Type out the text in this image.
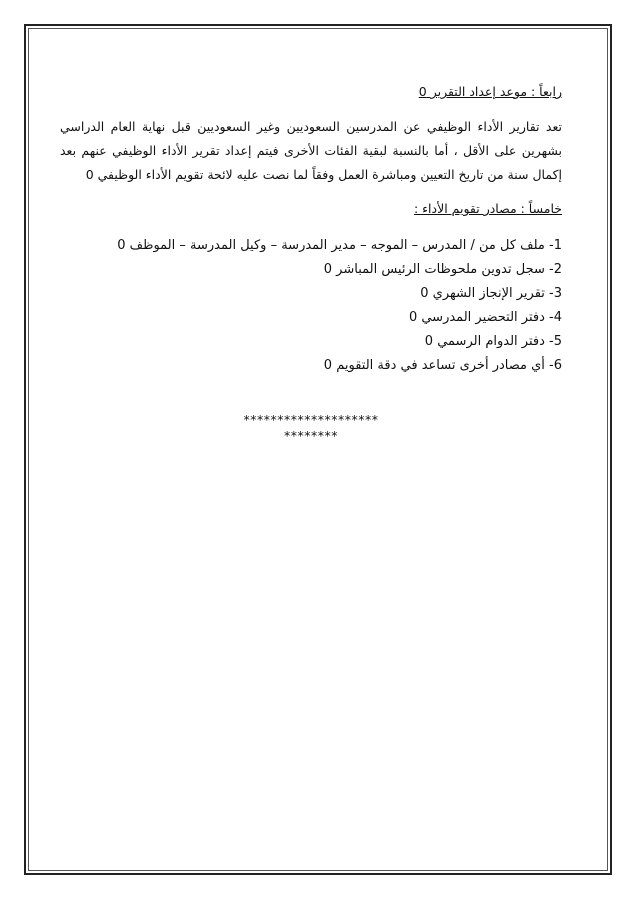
رابعاً : موعد إعداد التقرير 0

تعد تقارير الأداء الوظيفي عن المدرسين السعوديين وغير السعوديين قبل نهاية العام الدراسي بشهرين على الأقل ، أما بالنسبة لبقية الفئات الأخرى فيتم إعداد تقرير الأداء الوظيفي عنهم بعد إكمال سنة من تاريخ التعيين ومباشرة العمل وفقاً لما نصت عليه لائحة تقويم الأداء الوظيفي 0

خامساً : مصادر تقويم الأداء :
1- ملف كل من / المدرس – الموجه – مدير المدرسة – وكيل المدرسة – الموظف 0
2- سجل تدوين ملحوظات الرئيس المباشر 0
3- تقرير الإنجاز الشهري 0
4- دفتر التحضير المدرسي 0
5- دفتر الدوام الرسمي 0
6- أي مصادر أخرى تساعد في دقة التقويم 0
********************
********
